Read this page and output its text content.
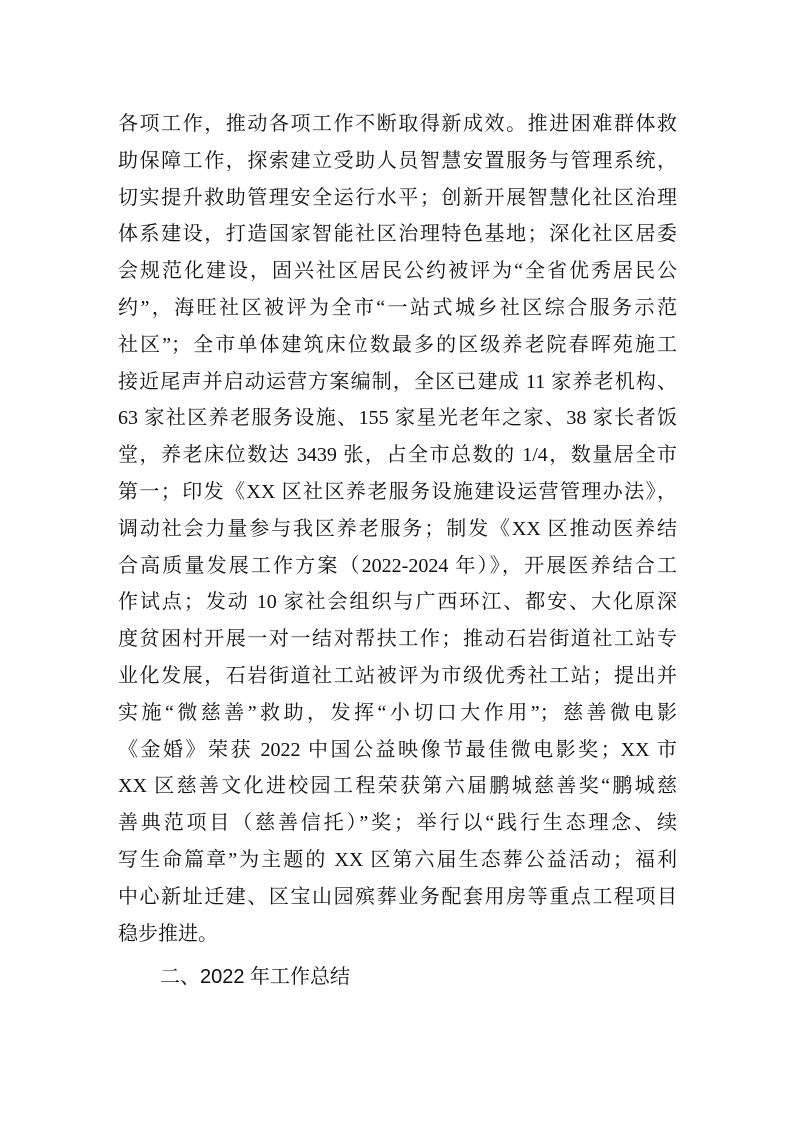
各项工作，推动各项工作不断取得新成效。推进困难群体救
助保障工作，探索建立受助人员智慧安置服务与管理系统，
切实提升救助管理安全运行水平；创新开展智慧化社区治理
体系建设，打造国家智能社区治理特色基地；深化社区居委
会规范化建设，固兴社区居民公约被评为“全省优秀居民公
约”，海旺社区被评为全市“一站式城乡社区综合服务示范
社区”；全市单体建筑床位数最多的区级养老院春晖苑施工
接近尾声并启动运营方案编制，全区已建成 11 家养老机构、
63 家社区养老服务设施、155 家星光老年之家、38 家长者饭
堂，养老床位数达 3439 张，占全市总数的 1/4，数量居全市
第一；印发《XX 区社区养老服务设施建设运营管理办法》，
调动社会力量参与我区养老服务；制发《XX 区推动医养结
合高质量发展工作方案（2022-2024 年）》，开展医养结合工
作试点；发动 10 家社会组织与广西环江、都安、大化原深
度贫困村开展一对一结对帮扶工作；推动石岩街道社工站专
业化发展，石岩街道社工站被评为市级优秀社工站；提出并
实施“微慈善”救助，发挥“小切口大作用”；慈善微电影
《金婚》荣获 2022 中国公益映像节最佳微电影奖；XX 市
XX 区慈善文化进校园工程荣获第六届鹏城慈善奖“鹏城慈
善典范项目（慈善信托）”奖；举行以“践行生态理念、续
写生命篇章”为主题的 XX 区第六届生态葬公益活动；福利
中心新址迁建、区宝山园殡葬业务配套用房等重点工程项目
稳步推进。
二、2022 年工作总结
